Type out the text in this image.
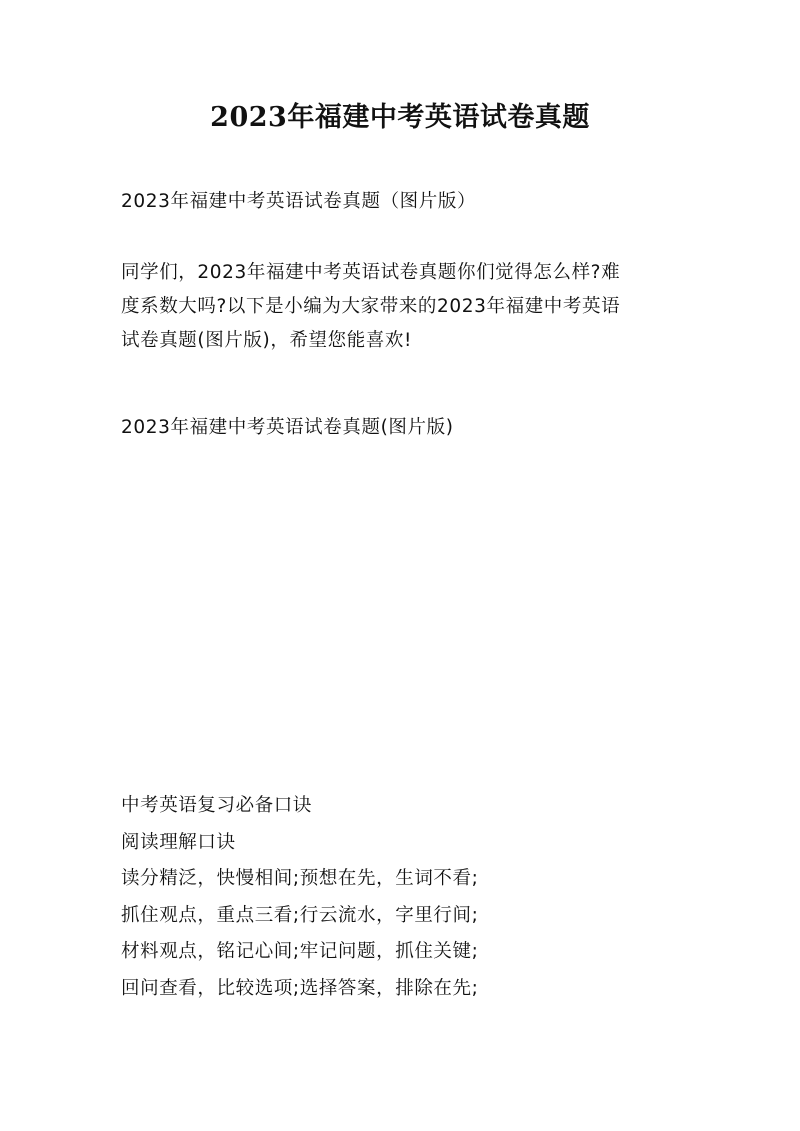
2023年福建中考英语试卷真题

2023年福建中考英语试卷真题（图片版）

同学们，2023年福建中考英语试卷真题你们觉得怎么样?难
度系数大吗?以下是小编为大家带来的2023年福建中考英语
试卷真题(图片版)，希望您能喜欢!

2023年福建中考英语试卷真题(图片版)

中考英语复习必备口诀
阅读理解口诀
读分精泛，快慢相间;预想在先，生词不看;
抓住观点，重点三看;行云流水，字里行间;
材料观点，铭记心间;牢记问题，抓住关键;
回问查看，比较选项;选择答案，排除在先;
